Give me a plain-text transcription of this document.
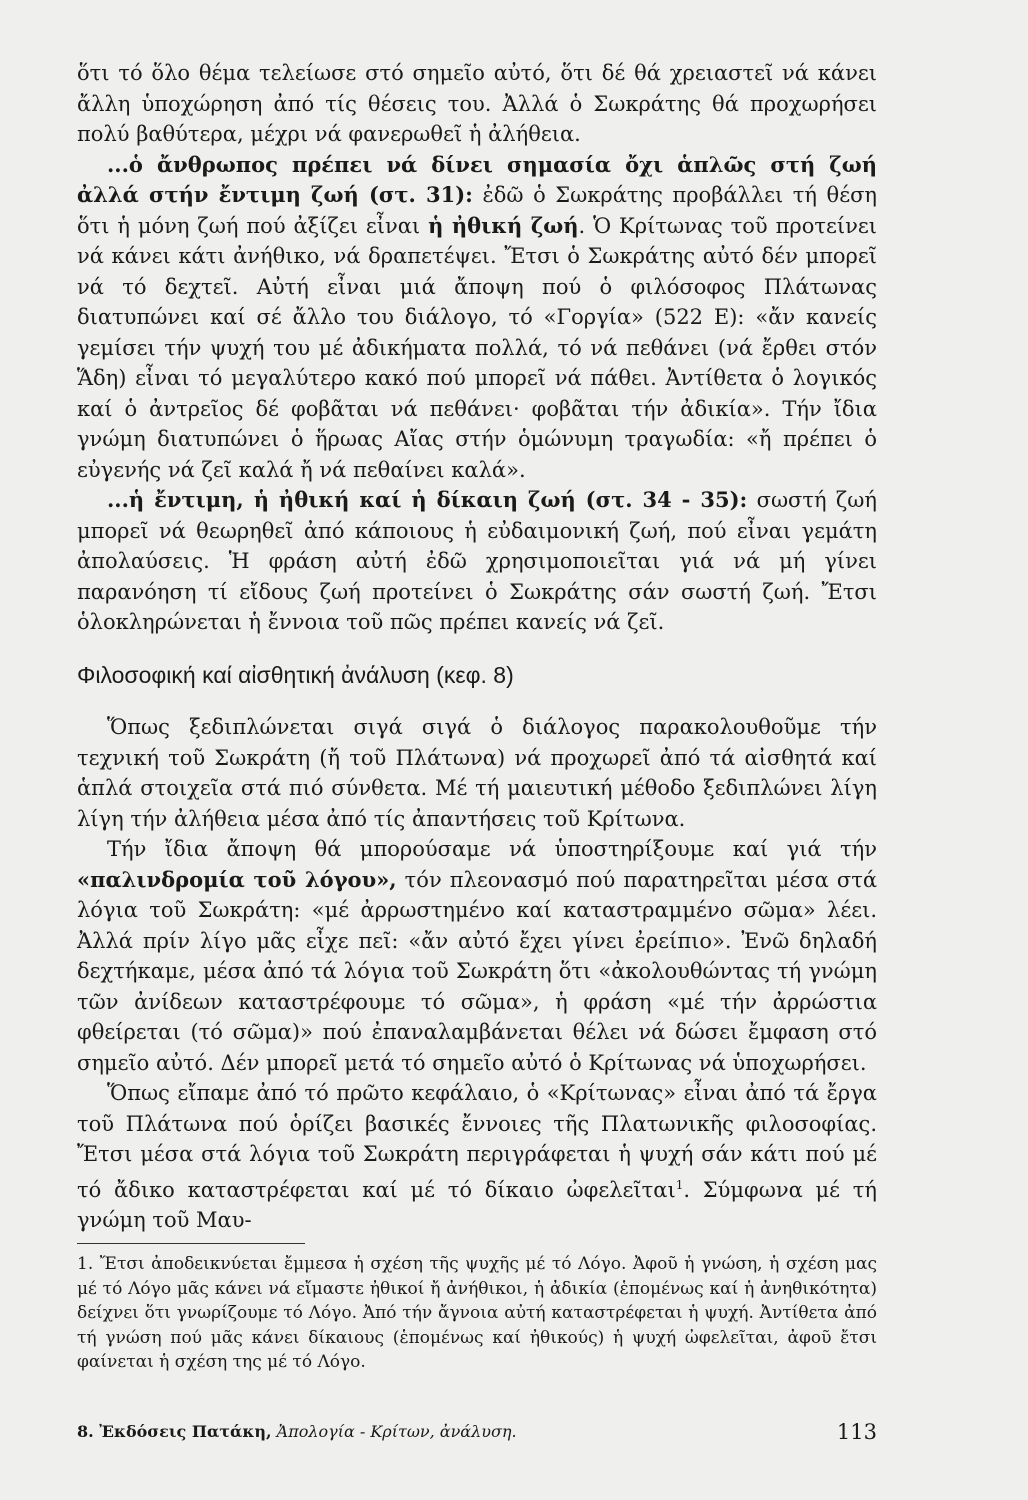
ὅτι τό ὅλο θέμα τελείωσε στό σημεῖο αὐτό, ὅτι δέ θά χρειαστεῖ νά κάνει ἄλλη ὑποχώρηση ἀπό τίς θέσεις του. Ἀλλά ὁ Σωκράτης θά προχωρήσει πολύ βαθύτερα, μέχρι νά φανερωθεῖ ἡ ἀλήθεια.

...ὁ ἄνθρωπος πρέπει νά δίνει σημασία ὄχι ἁπλῶς στή ζωή ἀλλά στήν ἔντιμη ζωή (στ. 31): ἐδῶ ὁ Σωκράτης προβάλλει τή θέση ὅτι ἡ μόνη ζωή πού ἀξίζει εἶναι ἡ ἠθική ζωή. Ὁ Κρίτωνας τοῦ προτείνει νά κάνει κάτι ἀνήθικο, νά δραπετέψει. Ἔτσι ὁ Σωκράτης αὐτό δέν μπορεῖ νά τό δεχτεῖ. Αὐτή εἶναι μιά ἄποψη πού ὁ φιλόσοφος Πλάτωνας διατυπώνει καί σέ ἄλλο του διάλογο, τό «Γοργία» (522 Ε): «ἄν κανείς γεμίσει τήν ψυχή του μέ ἀδικήματα πολλά, τό νά πεθάνει (νά ἔρθει στόν Ἅδη) εἶναι τό μεγαλύτερο κακό πού μπορεῖ νά πάθει. Ἀντίθετα ὁ λογικός καί ὁ ἀντρεῖος δέ φοβᾶται νά πεθάνει· φοβᾶται τήν ἀδικία». Τήν ἴδια γνώμη διατυπώνει ὁ ἥρωας Αἴας στήν ὁμώνυμη τραγωδία: «ἤ πρέπει ὁ εὐγενής νά ζεῖ καλά ἤ νά πεθαίνει καλά».

...ἡ ἔντιμη, ἡ ἠθική καί ἡ δίκαιη ζωή (στ. 34 - 35): σωστή ζωή μπορεῖ νά θεωρηθεῖ ἀπό κάποιους ἡ εὐδαιμονική ζωή, πού εἶναι γεμάτη ἀπολαύσεις. Ἡ φράση αὐτή ἐδῶ χρησιμοποιεῖται γιά νά μή γίνει παρανόηση τί εἴδους ζωή προτείνει ὁ Σωκράτης σάν σωστή ζωή. Ἔτσι ὁλοκληρώνεται ἡ ἔννοια τοῦ πῶς πρέπει κανείς νά ζεῖ.

Φιλοσοφική καί αἰσθητική ἀνάλυση (κεφ. 8)

Ὅπως ξεδιπλώνεται σιγά σιγά ὁ διάλογος παρακολουθοῦμε τήν τεχνική τοῦ Σωκράτη (ἤ τοῦ Πλάτωνα) νά προχωρεῖ ἀπό τά αἰσθητά καί ἁπλά στοιχεῖα στά πιό σύνθετα. Μέ τή μαιευτική μέθοδο ξεδιπλώνει λίγη λίγη τήν ἀλήθεια μέσα ἀπό τίς ἀπαντήσεις τοῦ Κρίτωνα.

Τήν ἴδια ἄποψη θά μπορούσαμε νά ὑποστηρίξουμε καί γιά τήν «παλινδρομία τοῦ λόγου», τόν πλεονασμό πού παρατηρεῖται μέσα στά λόγια τοῦ Σωκράτη: «μέ ἀρρωστημένο καί καταστραμμένο σῶμα» λέει. Ἀλλά πρίν λίγο μᾶς εἶχε πεῖ: «ἄν αὐτό ἔχει γίνει ἐρείπιο». Ἐνῶ δηλαδή δεχτήκαμε, μέσα ἀπό τά λόγια τοῦ Σωκράτη ὅτι «ἀκολουθώντας τή γνώμη τῶν ἀνίδεων καταστρέφουμε τό σῶμα», ἡ φράση «μέ τήν ἀρρώστια φθείρεται (τό σῶμα)» πού ἐπαναλαμβάνεται θέλει νά δώσει ἔμφαση στό σημεῖο αὐτό. Δέν μπορεῖ μετά τό σημεῖο αὐτό ὁ Κρίτωνας νά ὑποχωρήσει.

Ὅπως εἴπαμε ἀπό τό πρῶτο κεφάλαιο, ὁ «Κρίτωνας» εἶναι ἀπό τά ἔργα τοῦ Πλάτωνα πού ὁρίζει βασικές ἔννοιες τῆς Πλατωνικῆς φιλοσοφίας. Ἔτσι μέσα στά λόγια τοῦ Σωκράτη περιγράφεται ἡ ψυχή σάν κάτι πού μέ τό ἄδικο καταστρέφεται καί μέ τό δίκαιο ὠφελεῖται$^1$. Σύμφωνα μέ τή γνώμη τοῦ Μαυ-

1. Ἔτσι ἀποδεικνύεται ἔμμεσα ἡ σχέση τῆς ψυχῆς μέ τό Λόγο. Ἀφοῦ ἡ γνώση, ἡ σχέση μας μέ τό Λόγο μᾶς κάνει νά εἴμαστε ἠθικοί ἤ ἀνήθικοι, ἡ ἀδικία (ἑπομένως καί ἡ ἀνηθικότητα) δείχνει ὅτι γνωρίζουμε τό Λόγο. Ἀπό τήν ἄγνοια αὐτή καταστρέφεται ἡ ψυχή. Ἀντίθετα ἀπό τή γνώση πού μᾶς κάνει δίκαιους (ἑπομένως καί ἠθικούς) ἡ ψυχή ὠφελεῖται, ἀφοῦ ἔτσι φαίνεται ἡ σχέση της μέ τό Λόγο.
8. Ἐκδόσεις Πατάκη, Ἀπολογία - Κρίτων, ἀνάλυση.	113
